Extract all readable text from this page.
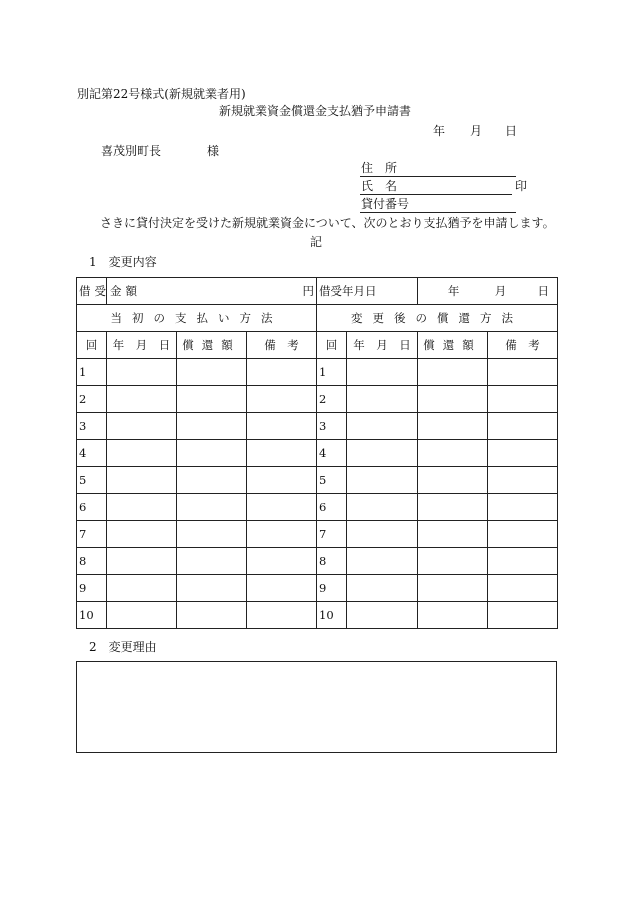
別記第22号様式(新規就業者用)
新規就業資金償還金支払猶予申請書
年 月 日
喜茂別町長	様
住　所
氏　名	印
貸付番号
さきに貸付決定を受けた新規就業資金について、次のとおり支払猶予を申請します。
記
1　変更内容
借受金額	円			借受年月日		年 月 日	
当初の支払い方法				変更後の償還方法			
回	年　月　日	償還額	備　考	回	年　月　日	償還額	備　考
1				1			
2				2			
3				3			
4				4			
5				5			
6				6			
7				7			
8				8			
9				9			
10				10			
2　変更理由
